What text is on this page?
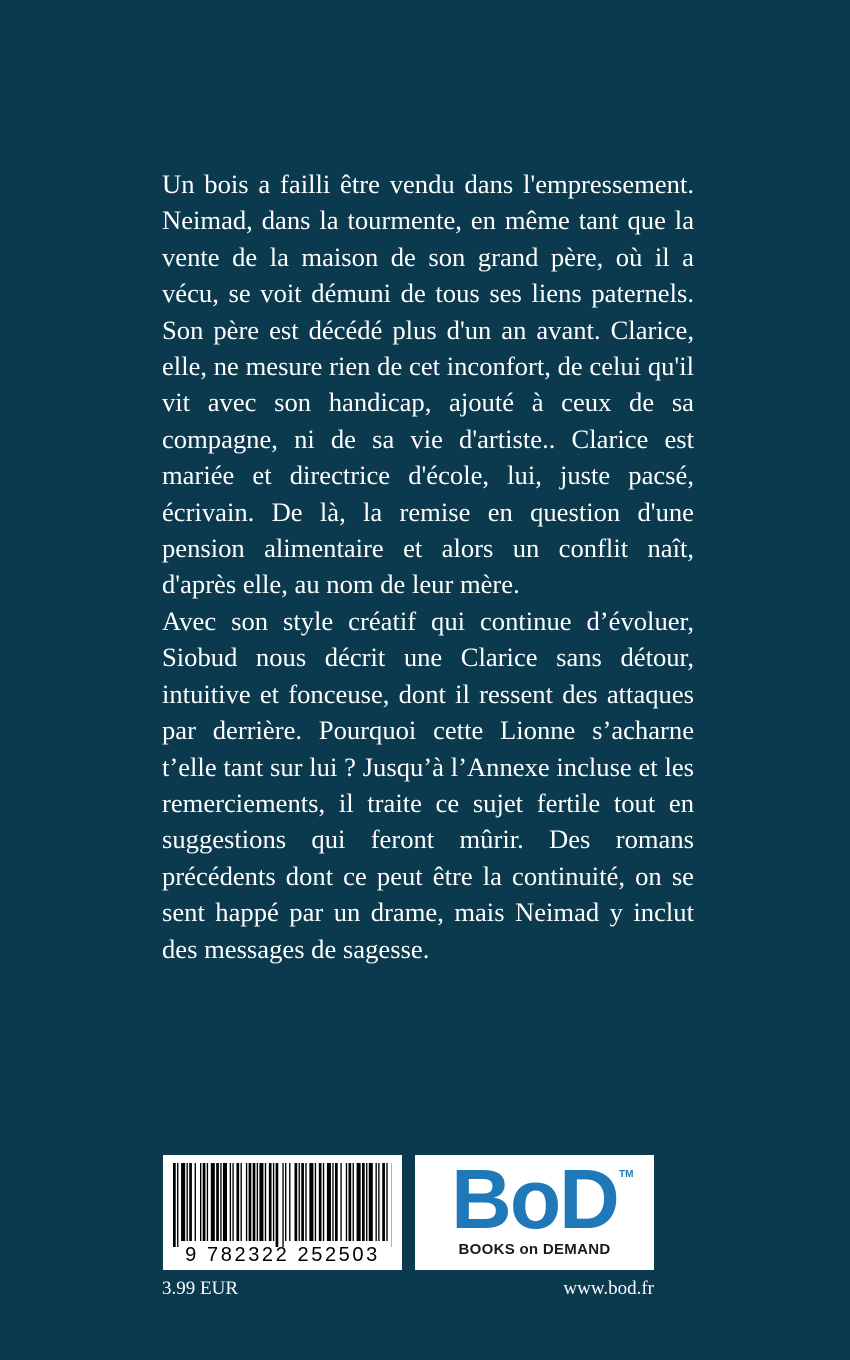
Un bois a failli être vendu dans l'empressement. Neimad, dans la tourmente, en même tant que la vente de la maison de son grand père, où il a vécu, se voit démuni de tous ses liens paternels. Son père est décédé plus d'un an avant. Clarice, elle, ne mesure rien de cet inconfort, de celui qu'il vit avec son handicap, ajouté à ceux de sa compagne, ni de sa vie d'artiste.. Clarice est mariée et directrice d'école, lui, juste pacsé, écrivain. De là, la remise en question d'une pension alimentaire et alors un conflit naît, d'après elle, au nom de leur mère.

Avec son style créatif qui continue d’évoluer, Siobud nous décrit une Clarice sans détour, intuitive et fonceuse, dont il ressent des attaques par derrière. Pourquoi cette Lionne s’acharne t’elle tant sur lui ? Jusqu’à l’Annexe incluse et les remerciements, il traite ce sujet fertile tout en suggestions qui feront mûrir. Des romans précédents dont ce peut être la continuité, on se sent happé par un drame, mais Neimad y inclut des messages de sagesse.

9 782322 252503
BoD TM
BOOKS on DEMAND
3.99 EUR	www.bod.fr
